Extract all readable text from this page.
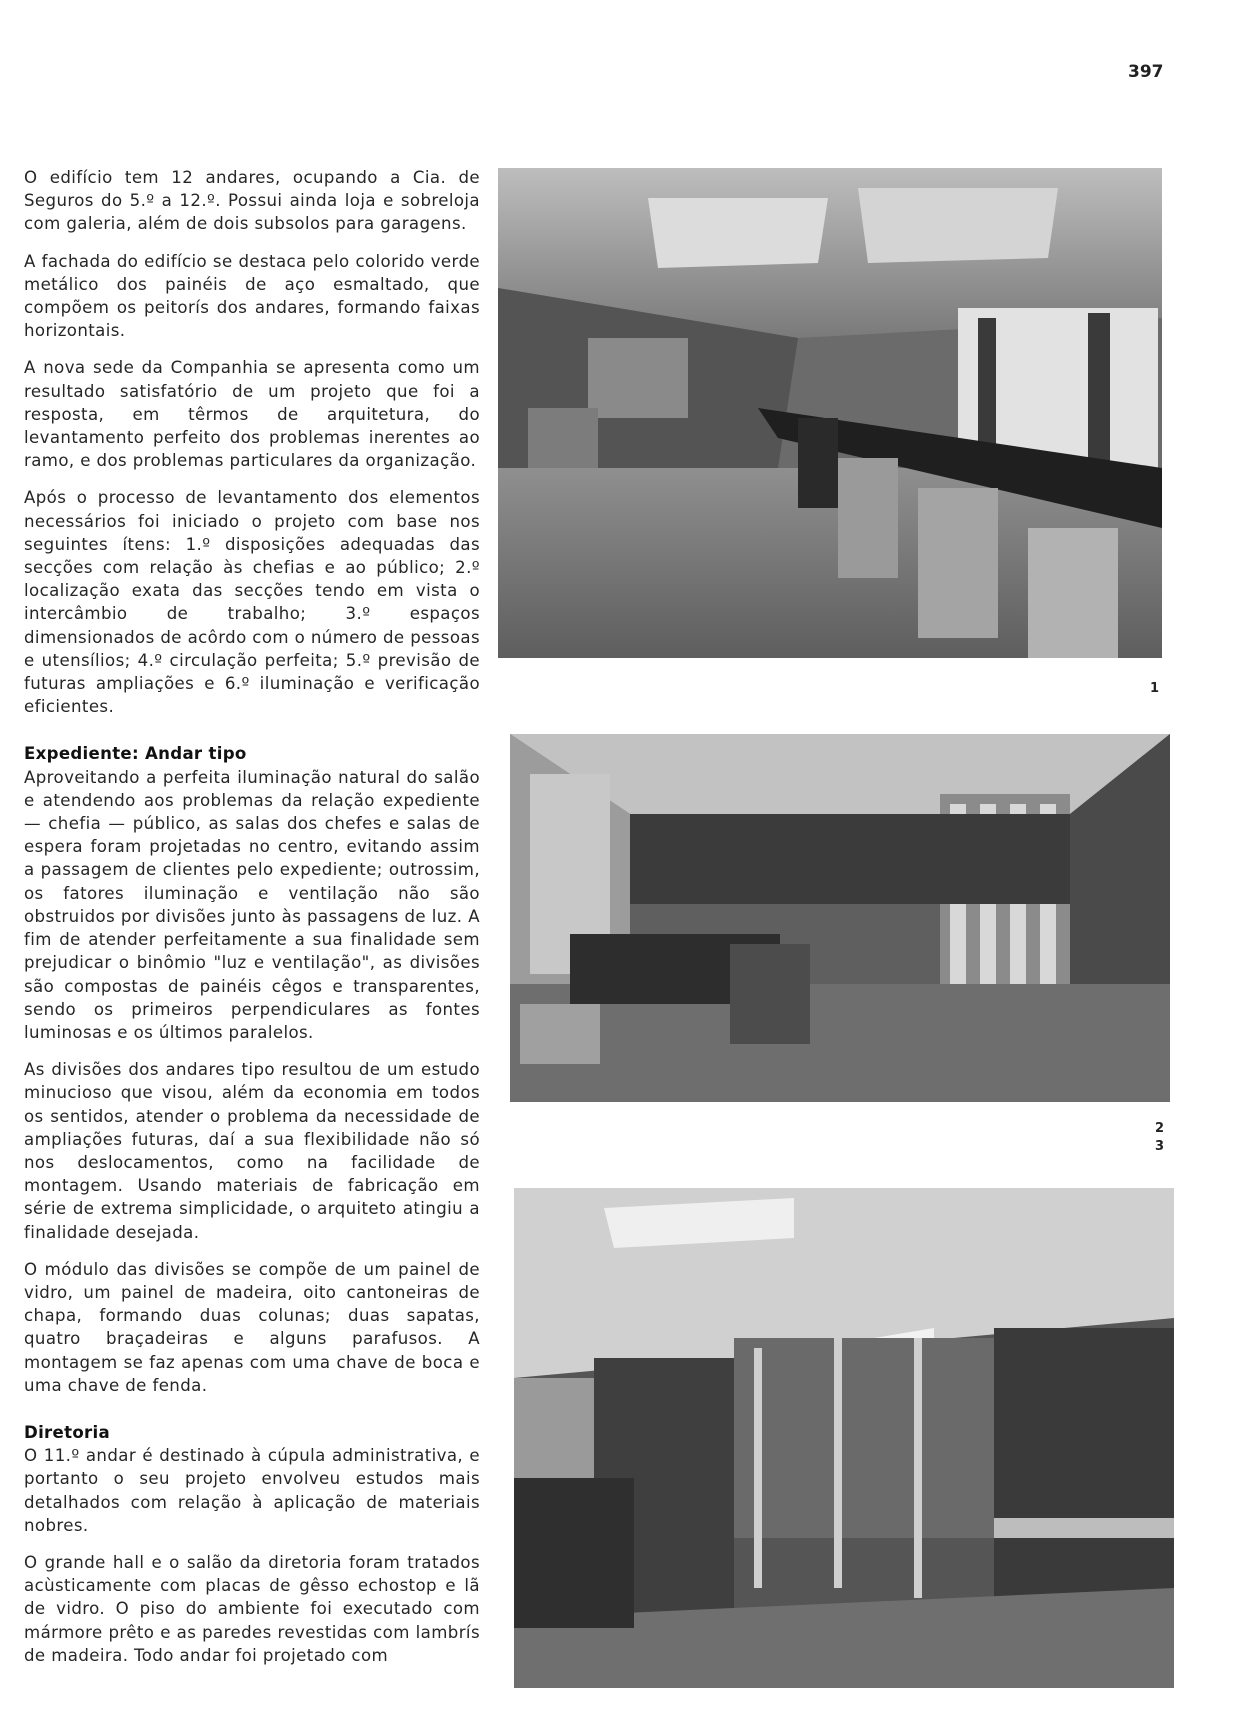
397

O edifício tem 12 andares, ocupando a Cia. de Seguros do 5.º a 12.º. Possui ainda loja e sobreloja com galeria, além de dois subsolos para garagens.

A fachada do edifício se destaca pelo colorido verde metálico dos painéis de aço esmaltado, que compõem os peitorís dos andares, formando faixas horizontais.

A nova sede da Companhia se apresenta como um resultado satisfatório de um projeto que foi a resposta, em têrmos de arquitetura, do levantamento perfeito dos problemas inerentes ao ramo, e dos problemas particulares da organização.

Após o processo de levantamento dos elementos necessários foi iniciado o projeto com base nos seguintes ítens: 1.º disposições adequadas das secções com relação às chefias e ao público; 2.º localização exata das secções tendo em vista o intercâmbio de trabalho; 3.º espaços dimensionados de acôrdo com o número de pessoas e utensílios; 4.º circulação perfeita; 5.º previsão de futuras ampliações e 6.º iluminação e verificação eficientes.

Expediente: Andar tipo

Aproveitando a perfeita iluminação natural do salão e atendendo aos problemas da relação expediente — chefia — público, as salas dos chefes e salas de espera foram projetadas no centro, evitando assim a passagem de clientes pelo expediente; outrossim, os fatores iluminação e ventilação não são obstruidos por divisões junto às passagens de luz. A fim de atender perfeitamente a sua finalidade sem prejudicar o binômio "luz e ventilação", as divisões são compostas de painéis cêgos e transparentes, sendo os primeiros perpendiculares as fontes luminosas e os últimos paralelos.

As divisões dos andares tipo resultou de um estudo minucioso que visou, além da economia em todos os sentidos, atender o problema da necessidade de ampliações futuras, daí a sua flexibilidade não só nos deslocamentos, como na facilidade de montagem. Usando materiais de fabricação em série de extrema simplicidade, o arquiteto atingiu a finalidade desejada.

O módulo das divisões se compõe de um painel de vidro, um painel de madeira, oito cantoneiras de chapa, formando duas colunas; duas sapatas, quatro braçadeiras e alguns parafusos. A montagem se faz apenas com uma chave de boca e uma chave de fenda.

Diretoria

O 11.º andar é destinado à cúpula administrativa, e portanto o seu projeto envolveu estudos mais detalhados com relação à aplicação de materiais nobres.

O grande hall e o salão da diretoria foram tratados acùsticamente com placas de gêsso echostop e lã de vidro. O piso do ambiente foi executado com mármore prêto e as paredes revestidas com lambrís de madeira. Todo andar foi projetado com

1
2
3
